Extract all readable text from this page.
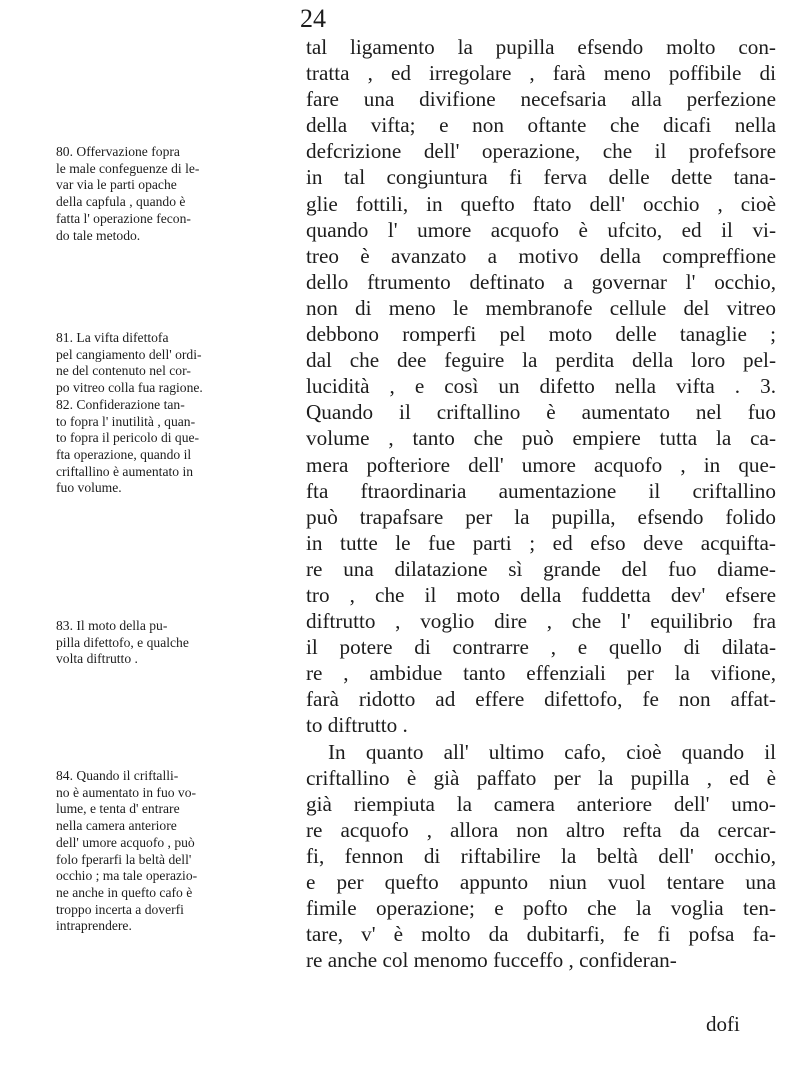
24
tal ligamento la pupilla efsendo molto con-
tratta , ed irregolare , farà meno poffibile di
fare una divifione necefsaria alla perfezione
della vifta; e non oftante che dicafi nella
defcrizione dell' operazione, che il profefsore
in tal congiuntura fi ferva delle dette tana-
glie fottili, in quefto ftato dell' occhio , cioè
quando l' umore acquofo è ufcito, ed il vi-
treo è avanzato a motivo della compreffione
dello ftrumento deftinato a governar l' occhio,
non di meno le membranofe cellule del vitreo
debbono romperfi pel moto delle tanaglie ;
dal che dee feguire la perdita della loro pel-
lucidità , e così un difetto nella vifta . 3.
Quando il criftallino è aumentato nel fuo
volume , tanto che può empiere tutta la ca-
mera pofteriore dell' umore acquofo , in que-
fta ftraordinaria aumentazione il criftallino
può trapafsare per la pupilla, efsendo folido
in tutte le fue parti ; ed efso deve acquifta-
re una dilatazione sì grande del fuo diame-
tro , che il moto della fuddetta dev' efsere
diftrutto , voglio dire , che l' equilibrio fra
il potere di contrarre , e quello di dilata-
re , ambidue tanto effenziali per la vifione,
farà ridotto ad effere difettofo, fe non affat-
to diftrutto .
In quanto all' ultimo cafo, cioè quando il
criftallino è già paffato per la pupilla , ed è
già riempiuta la camera anteriore dell' umo-
re acquofo , allora non altro refta da cercar-
fi, fennon di riftabilire la beltà dell' occhio,
e per quefto appunto niun vuol tentare una
fimile operazione; e pofto che la voglia ten-
tare, v' è molto da dubitarfi, fe fi pofsa fa-
re anche col menomo fucceffo , confideran-
80. Offervazione fopra
le male confeguenze di le-
var via le parti opache
della capfula , quando è
fatta l' operazione fecon-
do tale metodo.
81. La vifta difettofa
pel cangiamento dell' ordi-
ne del contenuto nel cor-
po vitreo colla fua ragione.
82. Confiderazione tan-
to fopra l' inutilità , quan-
to fopra il pericolo di que-
fta operazione, quando il
criftallino è aumentato in
fuo volume.
83. Il moto della pu-
pilla difettofo, e qualche
volta diftrutto .
84. Quando il criftalli-
no è aumentato in fuo vo-
lume, e tenta d' entrare
nella camera anteriore
dell' umore acquofo , può
folo fperarfi la beltà dell'
occhio ; ma tale operazio-
ne anche in quefto cafo è
troppo incerta a doverfi
intraprendere.
dofi
